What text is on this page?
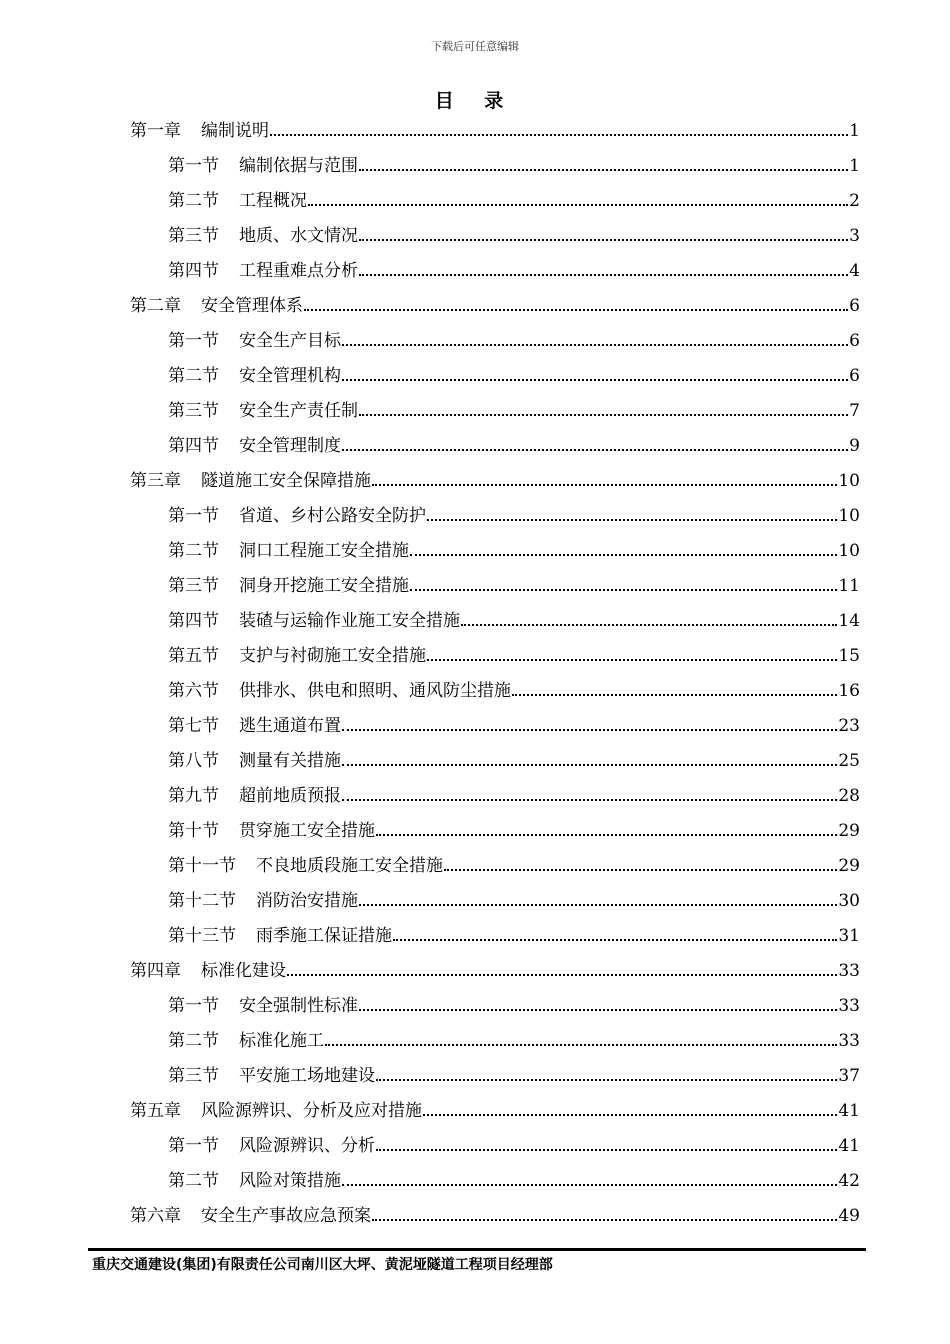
下载后可任意编辑
目 录
第一章 编制说明	1
第一节 编制依据与范围	1
第二节 工程概况	2
第三节 地质、水文情况	3
第四节 工程重难点分析	4
第二章 安全管理体系	6
第一节 安全生产目标	6
第二节 安全管理机构	6
第三节 安全生产责任制	7
第四节 安全管理制度	9
第三章 隧道施工安全保障措施	10
第一节 省道、乡村公路安全防护	10
第二节 洞口工程施工安全措施	10
第三节 洞身开挖施工安全措施	11
第四节 装碴与运输作业施工安全措施	14
第五节 支护与衬砌施工安全措施	15
第六节 供排水、供电和照明、通风防尘措施	16
第七节 逃生通道布置	23
第八节 测量有关措施	25
第九节 超前地质预报	28
第十节 贯穿施工安全措施	29
第十一节 不良地质段施工安全措施	29
第十二节 消防治安措施	30
第十三节 雨季施工保证措施	31
第四章 标准化建设	33
第一节 安全强制性标准	33
第二节 标准化施工	33
第三节 平安施工场地建设	37
第五章 风险源辨识、分析及应对措施	41
第一节 风险源辨识、分析	41
第二节 风险对策措施	42
第六章 安全生产事故应急预案	49
重庆交通建设(集团)有限责任公司南川区大坪、黄泥垭隧道工程项目经理部
